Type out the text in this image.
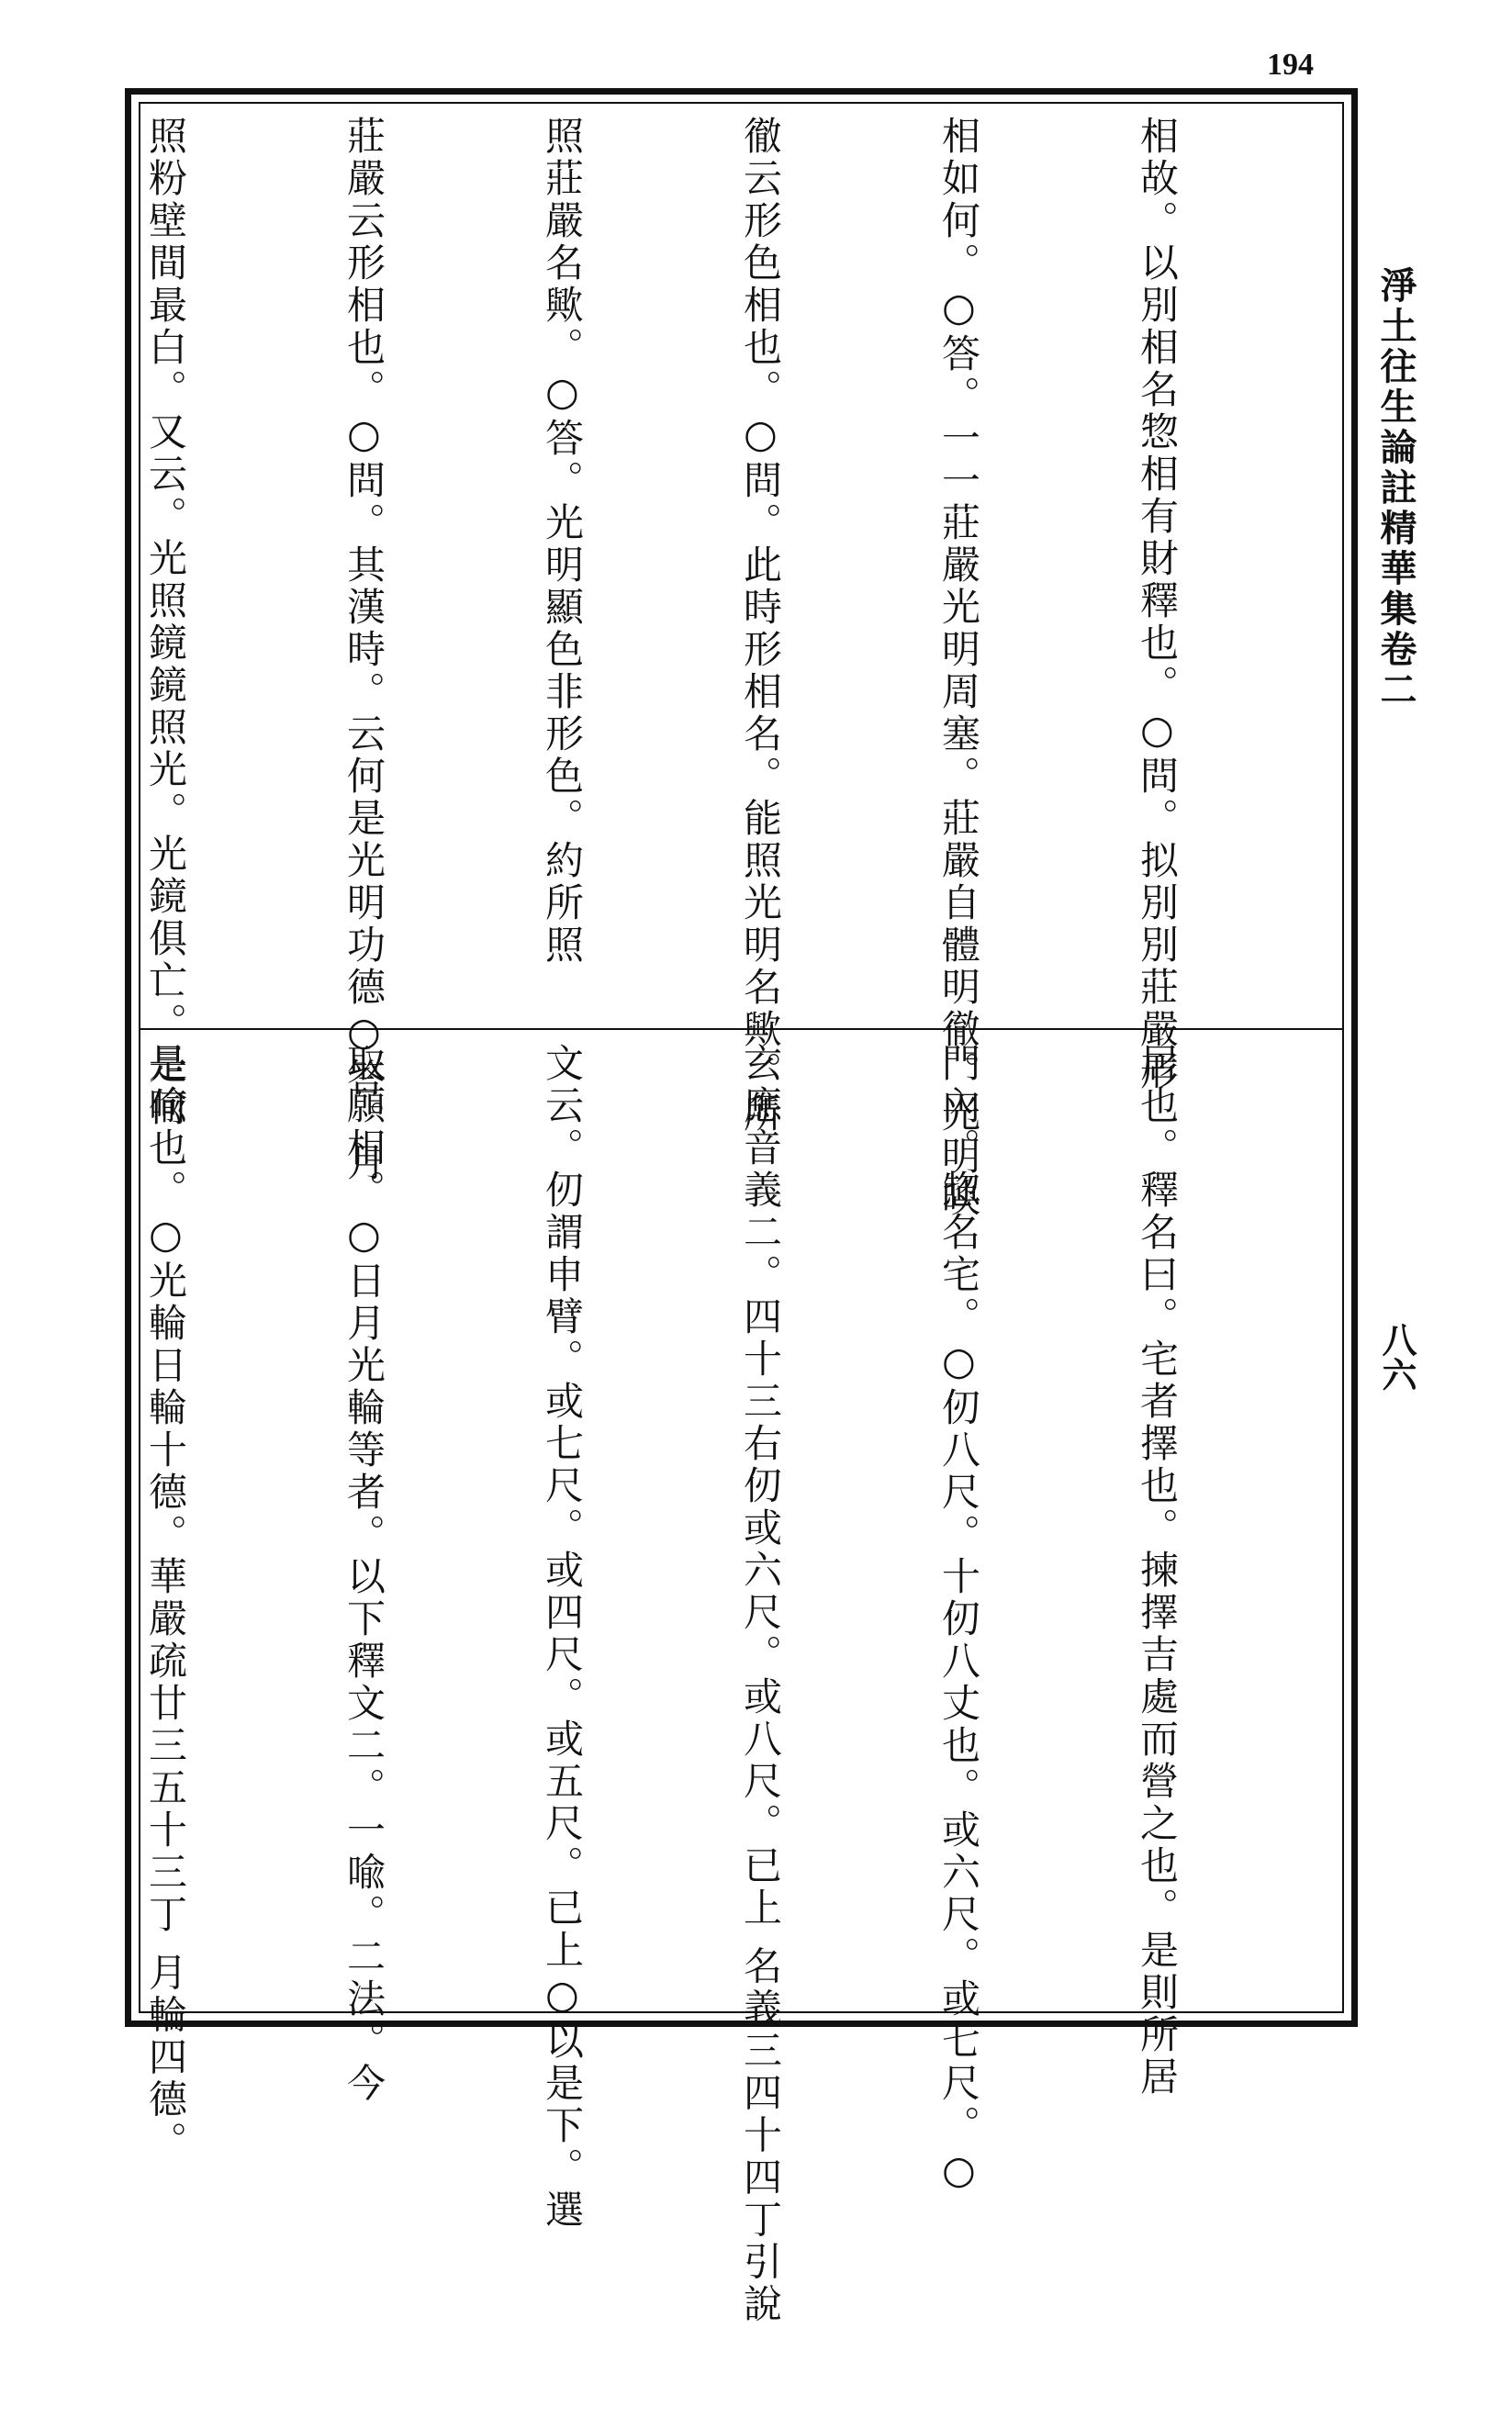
194
淨土往生論註精華集卷二
八六

相故。以別相名惣相有財釋也。○問。拟別別莊嚴形

相如何。○答。一一莊嚴光明周塞。莊嚴自體明徹。光明映

徹云形色相也。○問。此時形相名。能照光明名歟。所

照莊嚴名歟。○答。光明顯色非形色。約所照

莊嚴云形相也。○問。其漢時。云何是光明功德○答。月

照粉壁間最白。又云。光照鏡鏡照光。光鏡俱亡。是何

居也。釋名曰。宅者擇也。揀擇吉處而營之也。是則所居

門內。惣名宅。○仞八尺。十仞八丈也。或六尺。或七尺。○

玄應音義二。四十三右仞或六尺。或八尺。已上 名義三四十四丁引說

文云。仞謂申臂。或七尺。或四尺。或五尺。已上○以是下。選

取願相。○日月光輪等者。以下釋文二。一喩。二法。今

是喩也。○光輪日輪十德。華嚴疏廿三五十三丁 月輪四德。
